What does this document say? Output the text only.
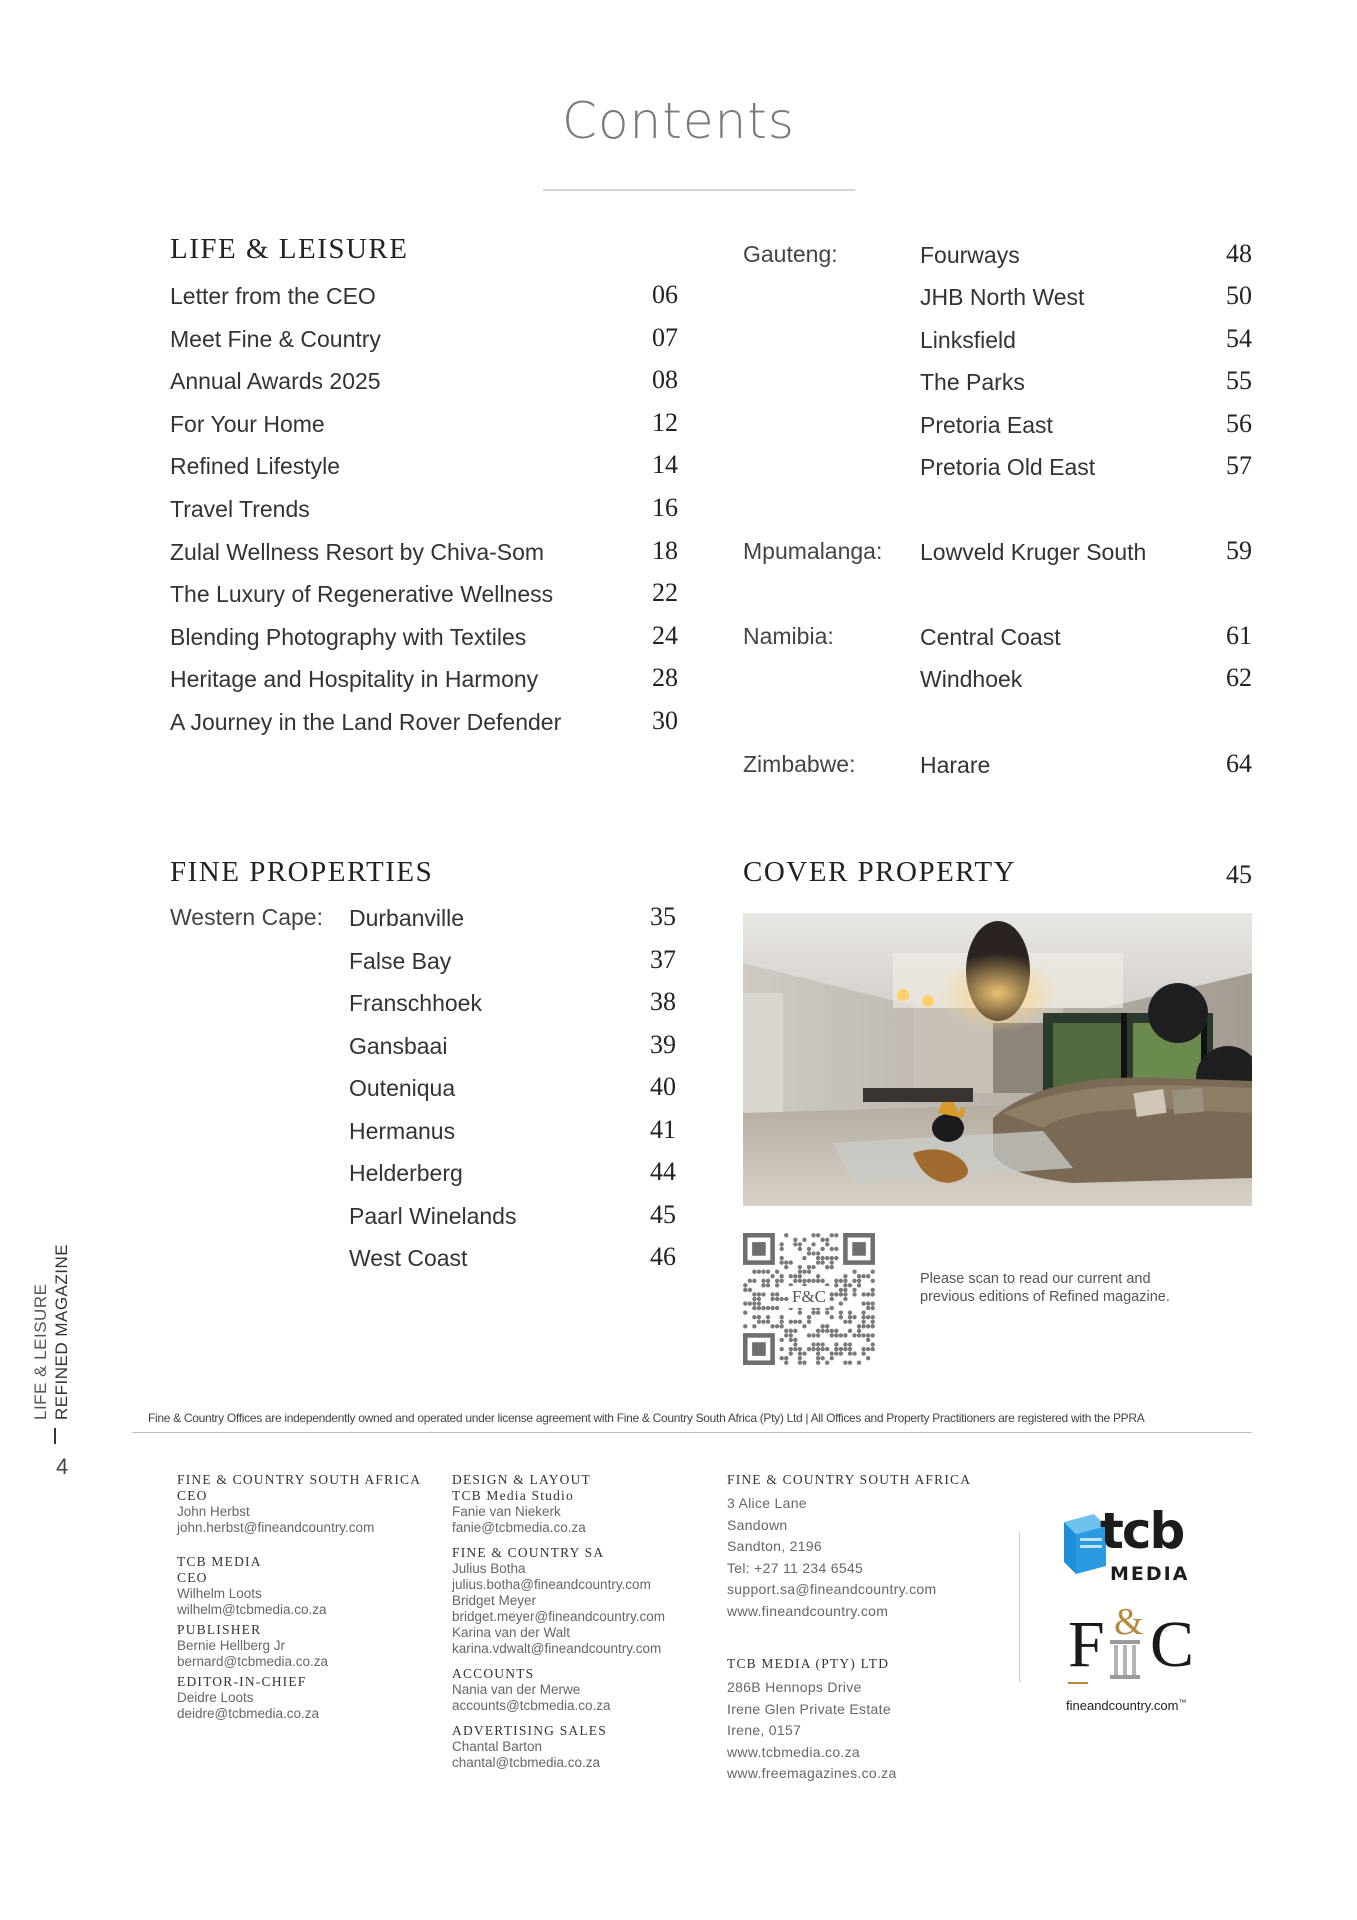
Contents
LIFE & LEISURE
FINE PROPERTIES
Western Cape:
COVER PROPERTY	45
F&C
Please scan to read our current and
previous editions of Refined magazine.
Fine & Country Offices are independently owned and operated under license agreement with Fine & Country South Africa (Pty) Ltd | All Offices and Property Practitioners are registered with the PPRA
LIFE & LEISURE REFINED MAGAZINE
4
FINE & COUNTRY SOUTH AFRICA
CEO
John Herbst
john.herbst@fineandcountry.com
TCB MEDIA
CEO
Wilhelm Loots
wilhelm@tcbmedia.co.za
PUBLISHER
Bernie Hellberg Jr
bernard@tcbmedia.co.za
EDITOR-IN-CHIEF
Deidre Loots
deidre@tcbmedia.co.za
DESIGN & LAYOUT
TCB Media Studio
Fanie van Niekerk
fanie@tcbmedia.co.za
FINE & COUNTRY SA
Julius Botha
julius.botha@fineandcountry.com
Bridget Meyer
bridget.meyer@fineandcountry.com
Karina van der Walt
karina.vdwalt@fineandcountry.com
ACCOUNTS
Nania van der Merwe
accounts@tcbmedia.co.za
ADVERTISING SALES
Chantal Barton
chantal@tcbmedia.co.za
FINE & COUNTRY SOUTH AFRICA
3 Alice Lane
Sandown
Sandton, 2196
Tel: +27 11 234 6545
support.sa@fineandcountry.com
www.fineandcountry.com
TCB MEDIA (PTY) LTD
286B Hennops Drive
Irene Glen Private Estate
Irene, 0157
www.tcbmedia.co.za
www.freemagazines.co.za
tcb
MEDIA
F & C
fineandcountry.com™
Letter from the CEO	06
Meet Fine & Country	07
Annual Awards 2025	08
For Your Home	12
Refined Lifestyle	14
Travel Trends	16
Zulal Wellness Resort by Chiva-Som	18
The Luxury of Regenerative Wellness	22
Blending Photography with Textiles	24
Heritage and Hospitality in Harmony	28
A Journey in the Land Rover Defender	30
Gauteng:	Fourways	48
JHB North West	50
Linksfield	54
The Parks	55
Pretoria East	56
Pretoria Old East	57
Mpumalanga: Lowveld Kruger South	59
Namibia:	Central Coast	61
Windhoek	62
Zimbabwe:	Harare	64
Durbanville	35
False Bay	37
Franschhoek	38
Gansbaai	39
Outeniqua	40
Hermanus	41
Helderberg	44
Paarl Winelands	45
West Coast	46
